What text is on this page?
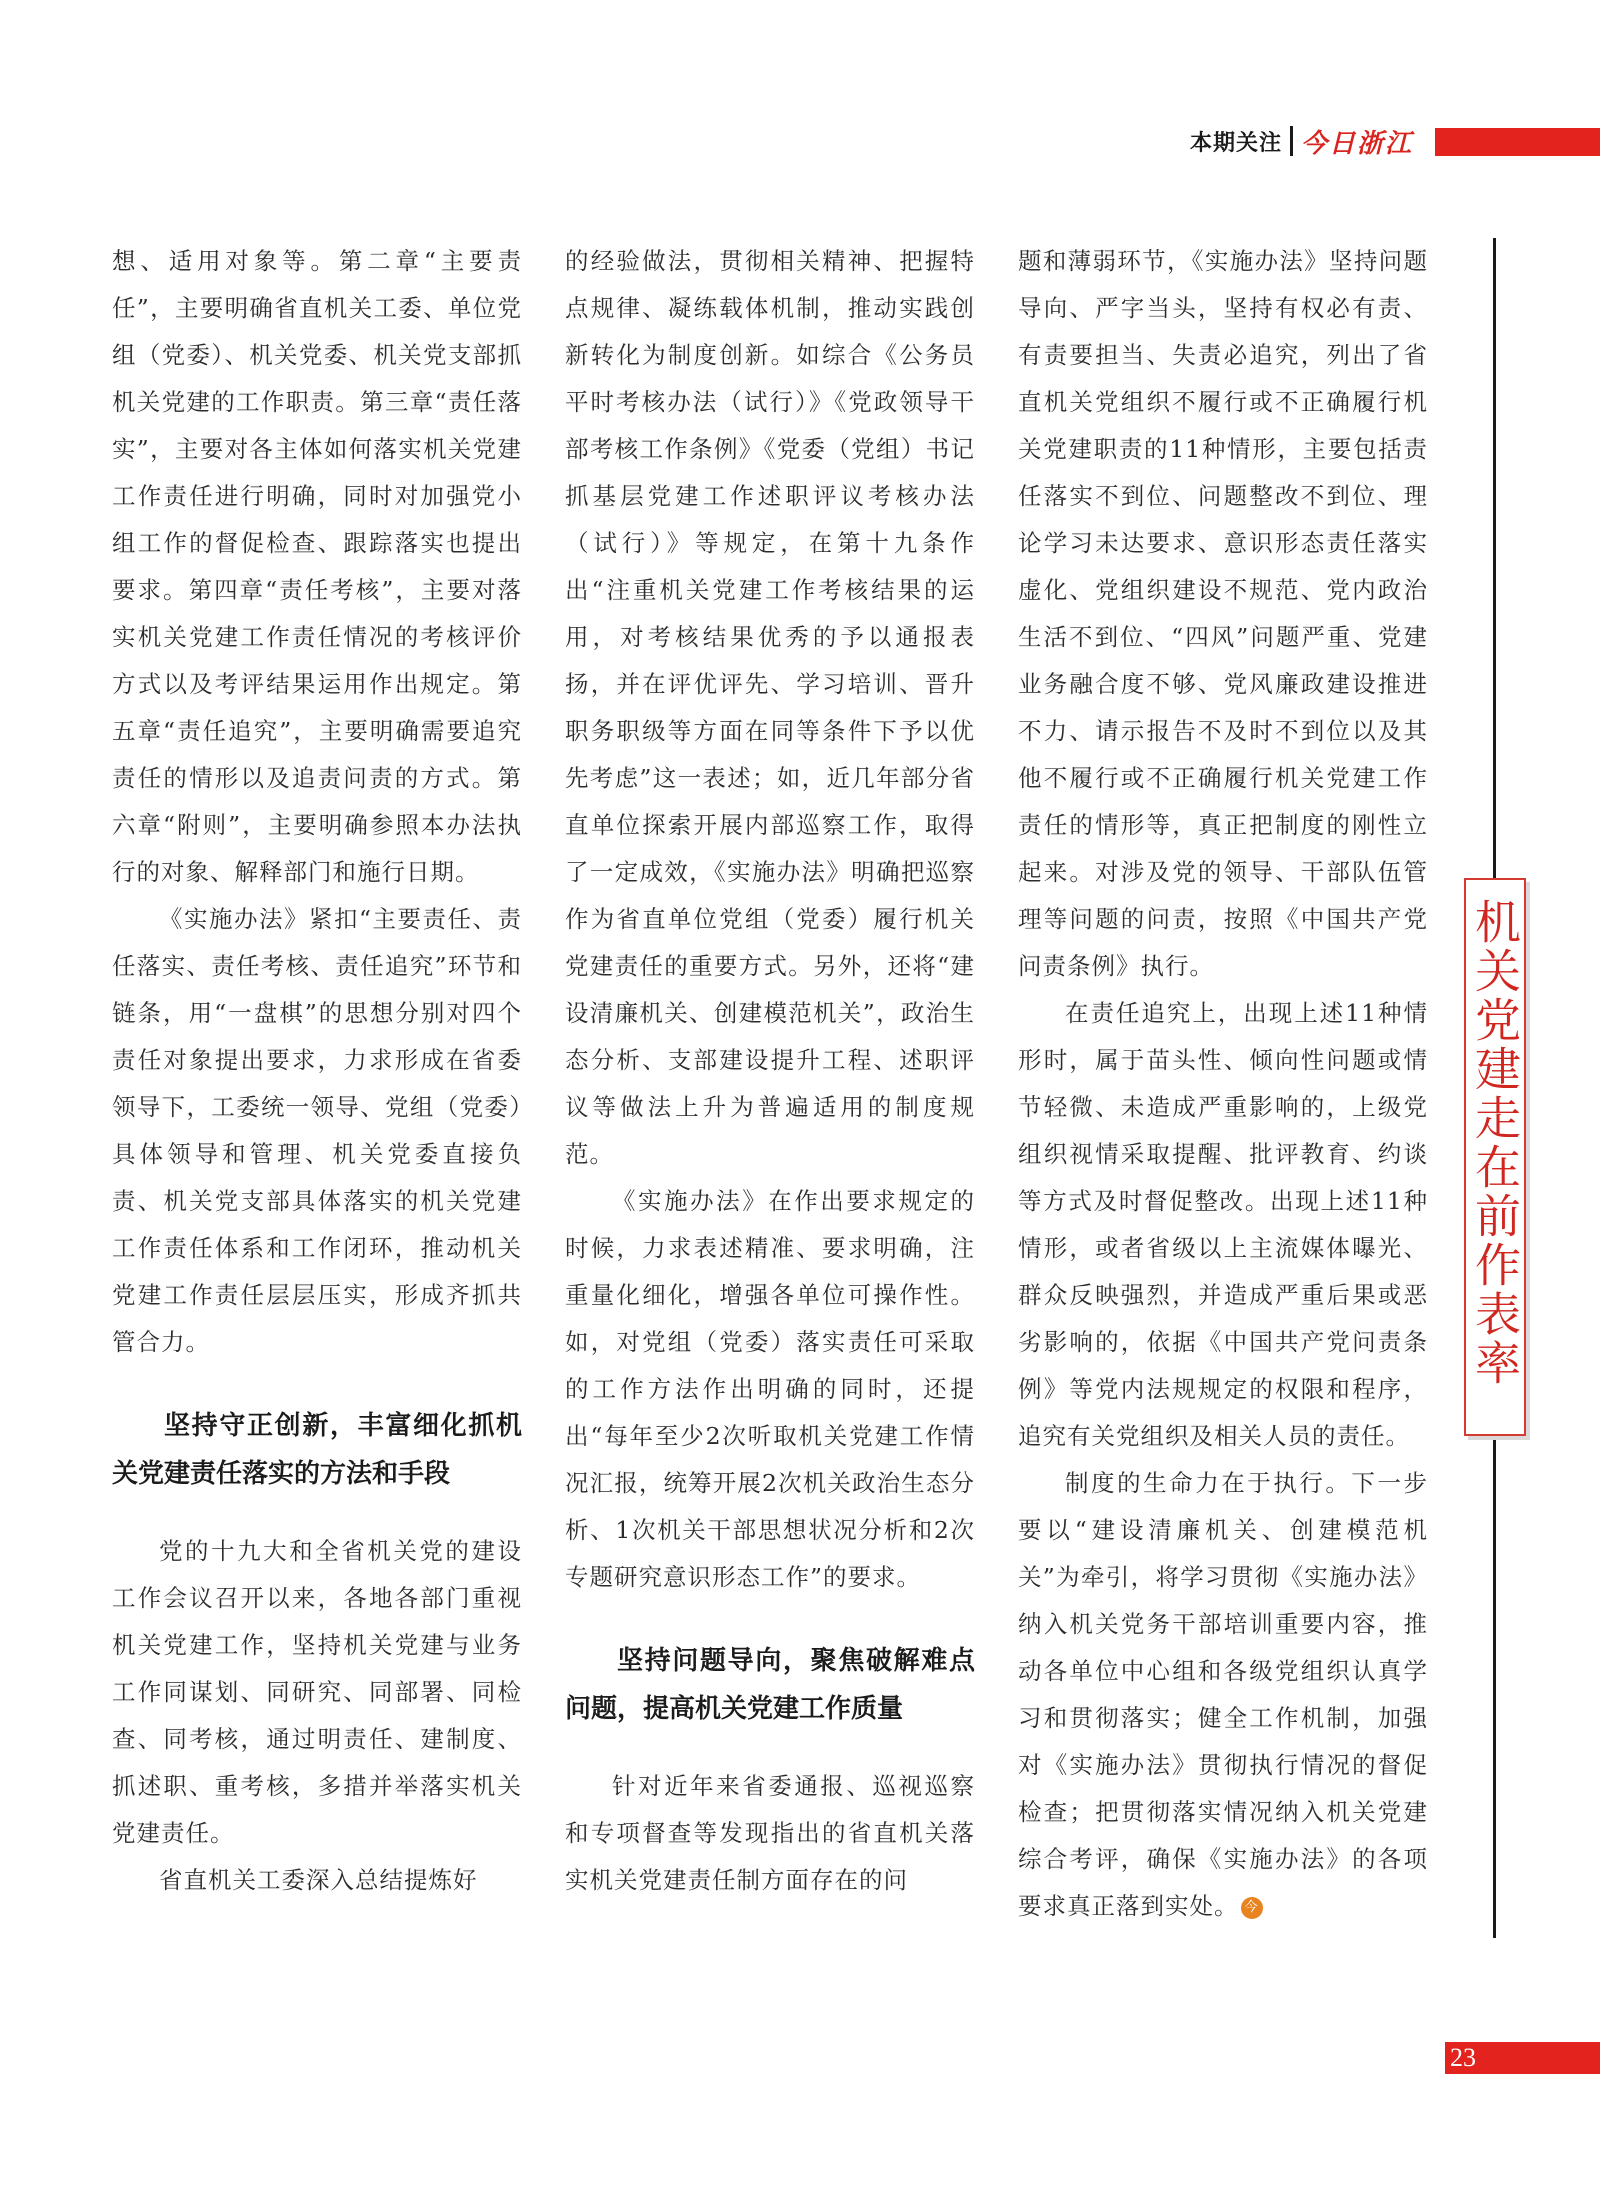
本期关注 今日浙江

想、适用对象等。第二章“主要责任”，主要明确省直机关工委、单位党组（党委）、机关党委、机关党支部抓机关党建的工作职责。第三章“责任落实”，主要对各主体如何落实机关党建工作责任进行明确，同时对加强党小组工作的督促检查、跟踪落实也提出要求。第四章“责任考核”，主要对落实机关党建工作责任情况的考核评价方式以及考评结果运用作出规定。第五章“责任追究”，主要明确需要追究责任的情形以及追责问责的方式。第六章“附则”，主要明确参照本办法执行的对象、解释部门和施行日期。

《实施办法》紧扣“主要责任、责任落实、责任考核、责任追究”环节和链条，用“一盘棋”的思想分别对四个责任对象提出要求，力求形成在省委领导下，工委统一领导、党组（党委）具体领导和管理、机关党委直接负责、机关党支部具体落实的机关党建工作责任体系和工作闭环，推动机关党建工作责任层层压实，形成齐抓共管合力。

坚持守正创新，丰富细化抓机关党建责任落实的方法和手段

党的十九大和全省机关党的建设工作会议召开以来，各地各部门重视机关党建工作，坚持机关党建与业务工作同谋划、同研究、同部署、同检查、同考核，通过明责任、建制度、抓述职、重考核，多措并举落实机关党建责任。

省直机关工委深入总结提炼好

的经验做法，贯彻相关精神、把握特点规律、凝练载体机制，推动实践创新转化为制度创新。如综合《公务员平时考核办法（试行）》《党政领导干部考核工作条例》《党委（党组）书记抓基层党建工作述职评议考核办法（试行）》等规定，在第十九条作出“注重机关党建工作考核结果的运用，对考核结果优秀的予以通报表扬，并在评优评先、学习培训、晋升职务职级等方面在同等条件下予以优先考虑”这一表述；如，近几年部分省直单位探索开展内部巡察工作，取得了一定成效，《实施办法》明确把巡察作为省直单位党组（党委）履行机关党建责任的重要方式。另外，还将“建设清廉机关、创建模范机关”，政治生态分析、支部建设提升工程、述职评议等做法上升为普遍适用的制度规范。

《实施办法》在作出要求规定的时候，力求表述精准、要求明确，注重量化细化，增强各单位可操作性。如，对党组（党委）落实责任可采取的工作方法作出明确的同时，还提出“每年至少2次听取机关党建工作情况汇报，统筹开展2次机关政治生态分析、1次机关干部思想状况分析和2次专题研究意识形态工作”的要求。

坚持问题导向，聚焦破解难点问题，提高机关党建工作质量

针对近年来省委通报、巡视巡察和专项督查等发现指出的省直机关落实机关党建责任制方面存在的问

题和薄弱环节，《实施办法》坚持问题导向、严字当头，坚持有权必有责、有责要担当、失责必追究，列出了省直机关党组织不履行或不正确履行机关党建职责的11种情形，主要包括责任落实不到位、问题整改不到位、理论学习未达要求、意识形态责任落实虚化、党组织建设不规范、党内政治生活不到位、“四风”问题严重、党建业务融合度不够、党风廉政建设推进不力、请示报告不及时不到位以及其他不履行或不正确履行机关党建工作责任的情形等，真正把制度的刚性立起来。对涉及党的领导、干部队伍管理等问题的问责，按照《中国共产党问责条例》执行。

在责任追究上，出现上述11种情形时，属于苗头性、倾向性问题或情节轻微、未造成严重影响的，上级党组织视情采取提醒、批评教育、约谈等方式及时督促整改。出现上述11种情形，或者省级以上主流媒体曝光、群众反映强烈，并造成严重后果或恶劣影响的，依据《中国共产党问责条例》等党内法规规定的权限和程序，追究有关党组织及相关人员的责任。

制度的生命力在于执行。下一步要以“建设清廉机关、创建模范机关”为牵引，将学习贯彻《实施办法》纳入机关党务干部培训重要内容，推动各单位中心组和各级党组织认真学习和贯彻落实；健全工作机制，加强对《实施办法》贯彻执行情况的督促检查；把贯彻落实情况纳入机关党建综合考评，确保《实施办法》的各项要求真正落到实处。 今

机关党建走在前作表率
23
